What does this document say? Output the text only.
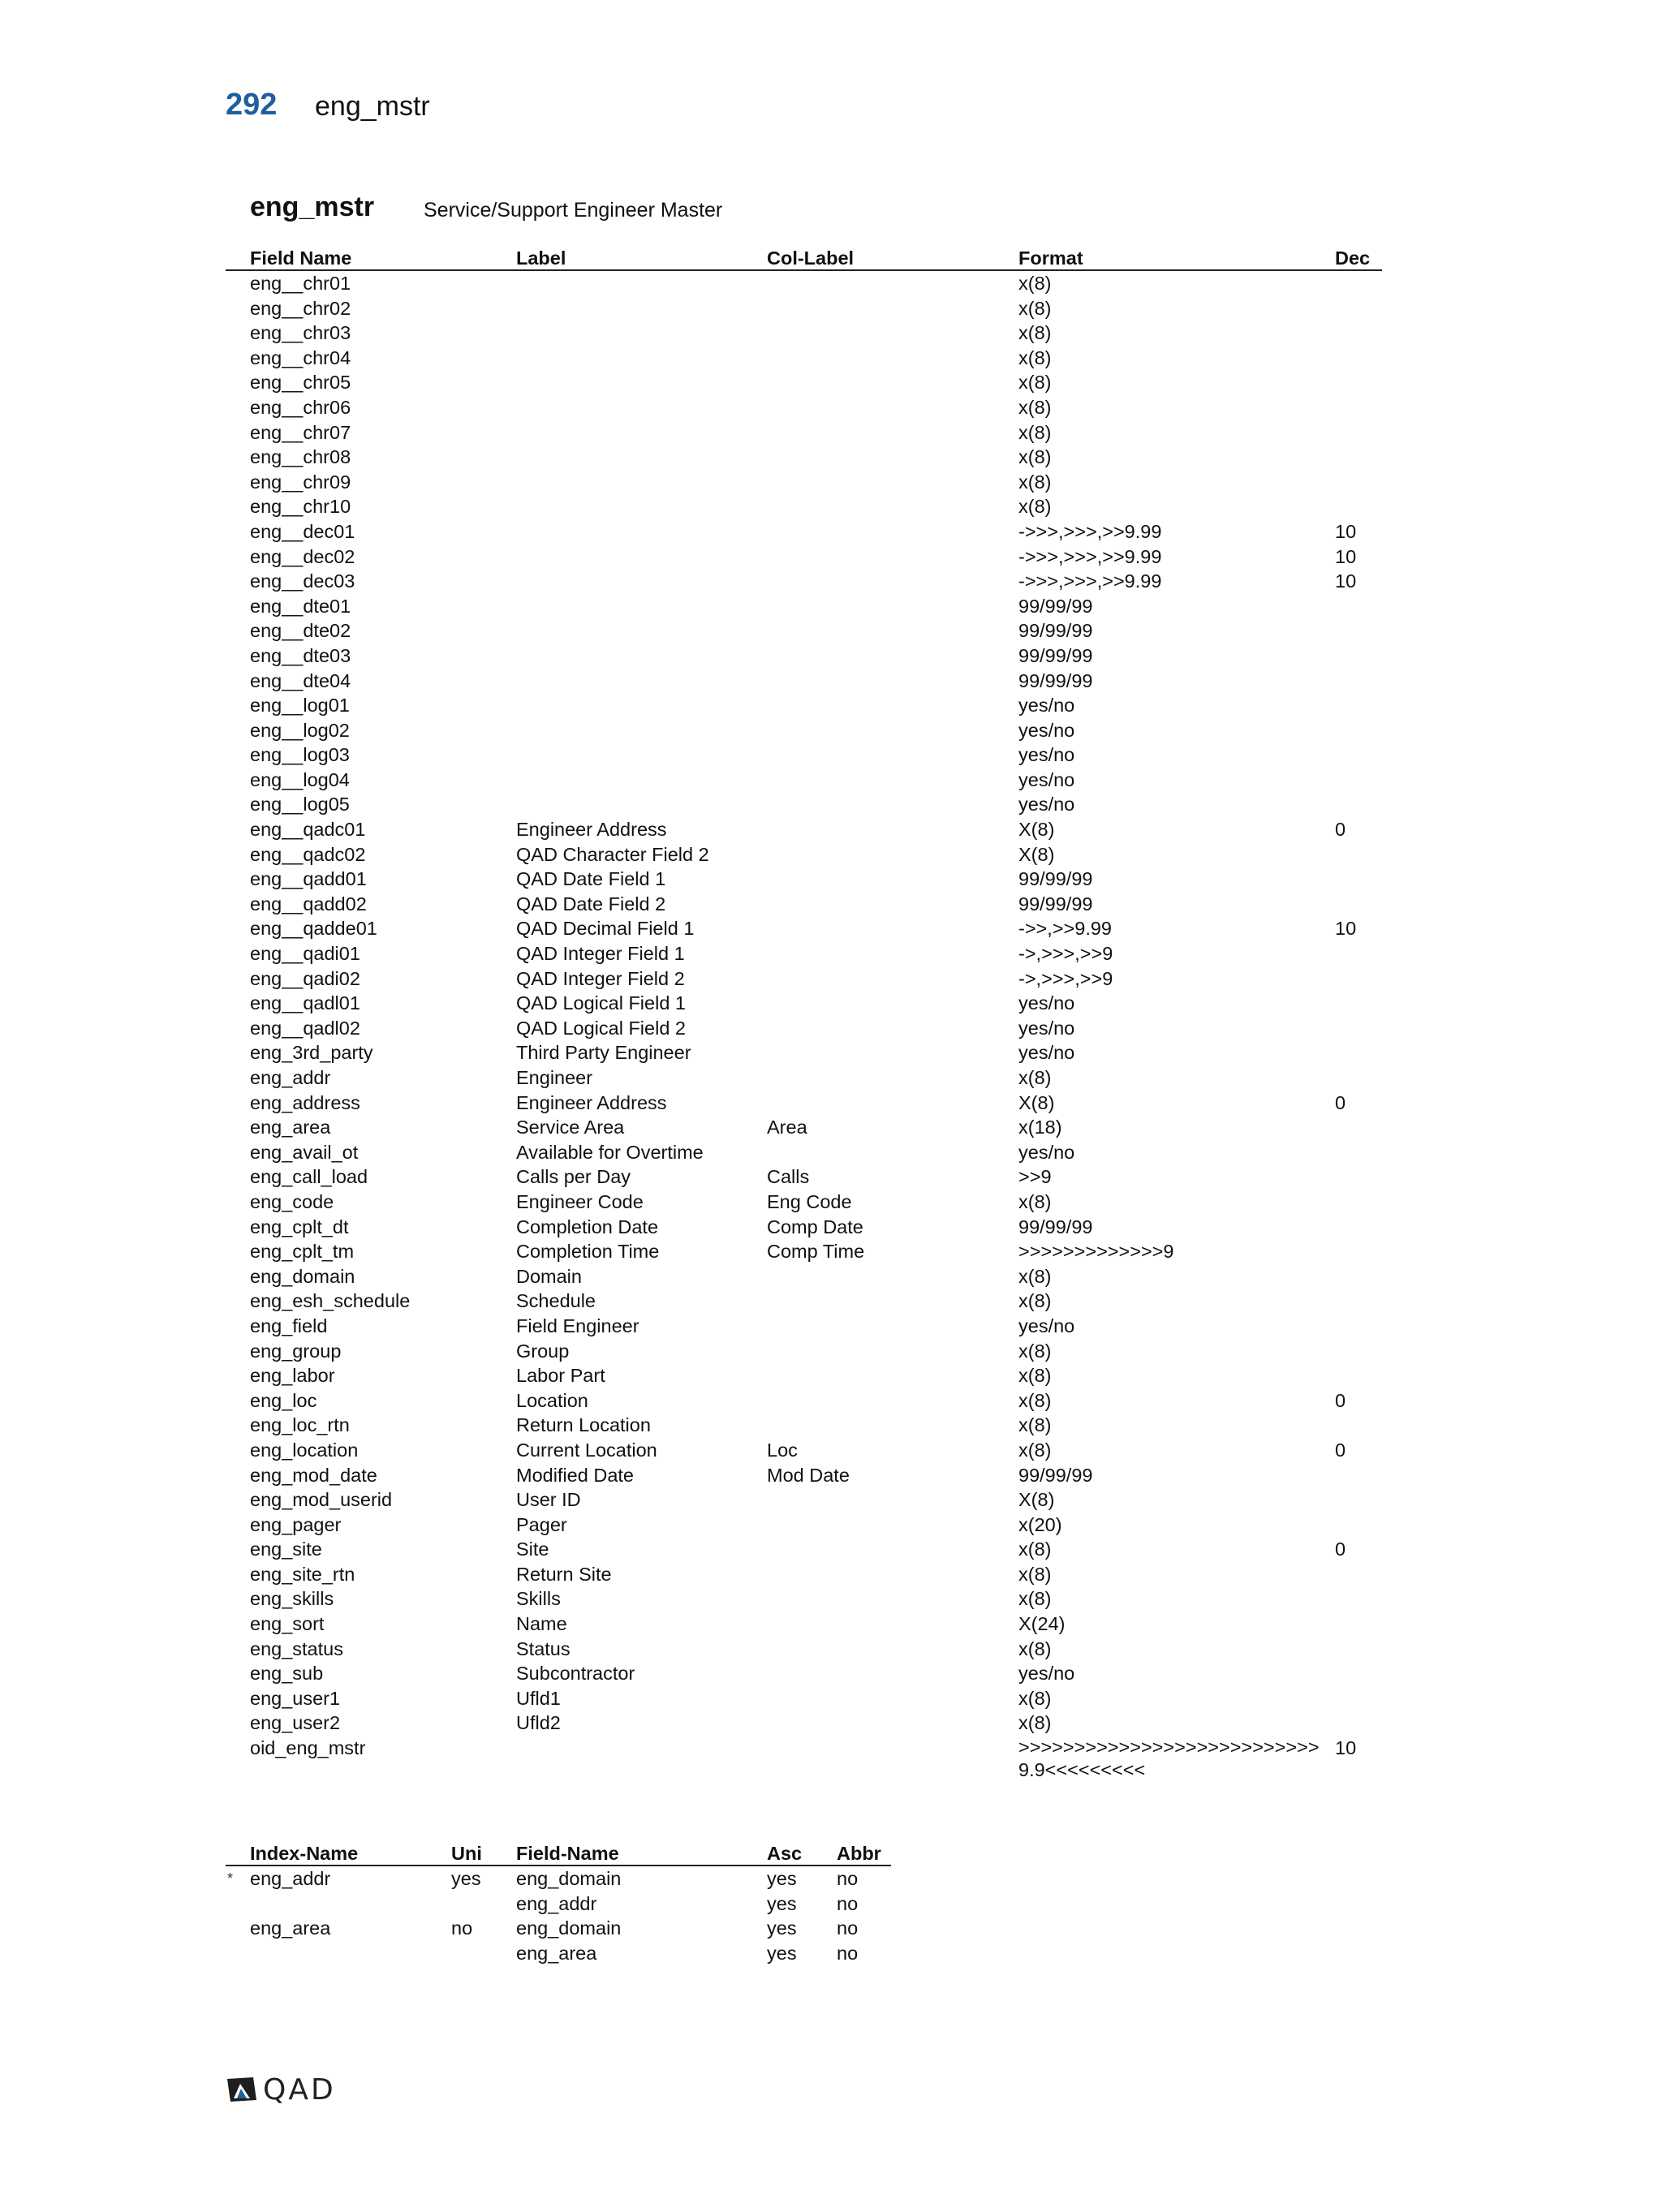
292 eng_mstr
eng_mstr Service/Support Engineer Master
	Field Name	Label	Col-Label	Format	Dec
	eng__chr01			x(8)	
	eng__chr02			x(8)	
	eng__chr03			x(8)	
	eng__chr04			x(8)	
	eng__chr05			x(8)	
	eng__chr06			x(8)	
	eng__chr07			x(8)	
	eng__chr08			x(8)	
	eng__chr09			x(8)	
	eng__chr10			x(8)	
	eng__dec01			->>>,>>>,>>9.99	10
	eng__dec02			->>>,>>>,>>9.99	10
	eng__dec03			->>>,>>>,>>9.99	10
	eng__dte01			99/99/99	
	eng__dte02			99/99/99	
	eng__dte03			99/99/99	
	eng__dte04			99/99/99	
	eng__log01			yes/no	
	eng__log02			yes/no	
	eng__log03			yes/no	
	eng__log04			yes/no	
	eng__log05			yes/no	
	eng__qadc01	Engineer Address		X(8)	0
	eng__qadc02	QAD Character Field 2		X(8)	
	eng__qadd01	QAD Date Field 1		99/99/99	
	eng__qadd02	QAD Date Field 2		99/99/99	
	eng__qadde01	QAD Decimal Field 1		->>,>>9.99	10
	eng__qadi01	QAD Integer Field 1		->,>>>,>>9	
	eng__qadi02	QAD Integer Field 2		->,>>>,>>9	
	eng__qadl01	QAD Logical Field 1		yes/no	
	eng__qadl02	QAD Logical Field 2		yes/no	
	eng_3rd_party	Third Party Engineer		yes/no	
	eng_addr	Engineer		x(8)	
	eng_address	Engineer Address		X(8)	0
	eng_area	Service Area	Area	x(18)	
	eng_avail_ot	Available for Overtime		yes/no	
	eng_call_load	Calls per Day	Calls	>>9	
	eng_code	Engineer Code	Eng Code	x(8)	
	eng_cplt_dt	Completion Date	Comp Date	99/99/99	
	eng_cplt_tm	Completion Time	Comp Time	>>>>>>>>>>>>>9	
	eng_domain	Domain		x(8)	
	eng_esh_schedule	Schedule		x(8)	
	eng_field	Field Engineer		yes/no	
	eng_group	Group		x(8)	
	eng_labor	Labor Part		x(8)	
	eng_loc	Location		x(8)	0
	eng_loc_rtn	Return Location		x(8)	
	eng_location	Current Location	Loc	x(8)	0
	eng_mod_date	Modified Date	Mod Date	99/99/99	
	eng_mod_userid	User ID		X(8)	
	eng_pager	Pager		x(20)	
	eng_site	Site		x(8)	0
	eng_site_rtn	Return Site		x(8)	
	eng_skills	Skills		x(8)	
	eng_sort	Name		X(24)	
	eng_status	Status		x(8)	
	eng_sub	Subcontractor		yes/no	
	eng_user1	Ufld1		x(8)	
	eng_user2	Ufld2		x(8)	
	oid_eng_mstr			>>>>>>>>>>>>>>>>>>>>>>>>>>>9.9<<<<<<<<<	10
	Index-Name	Uni	Field-Name	Asc	Abbr
*	eng_addr	yes	eng_domain	yes	no
			eng_addr	yes	no
	eng_area	no	eng_domain	yes	no
			eng_area	yes	no
QAD
